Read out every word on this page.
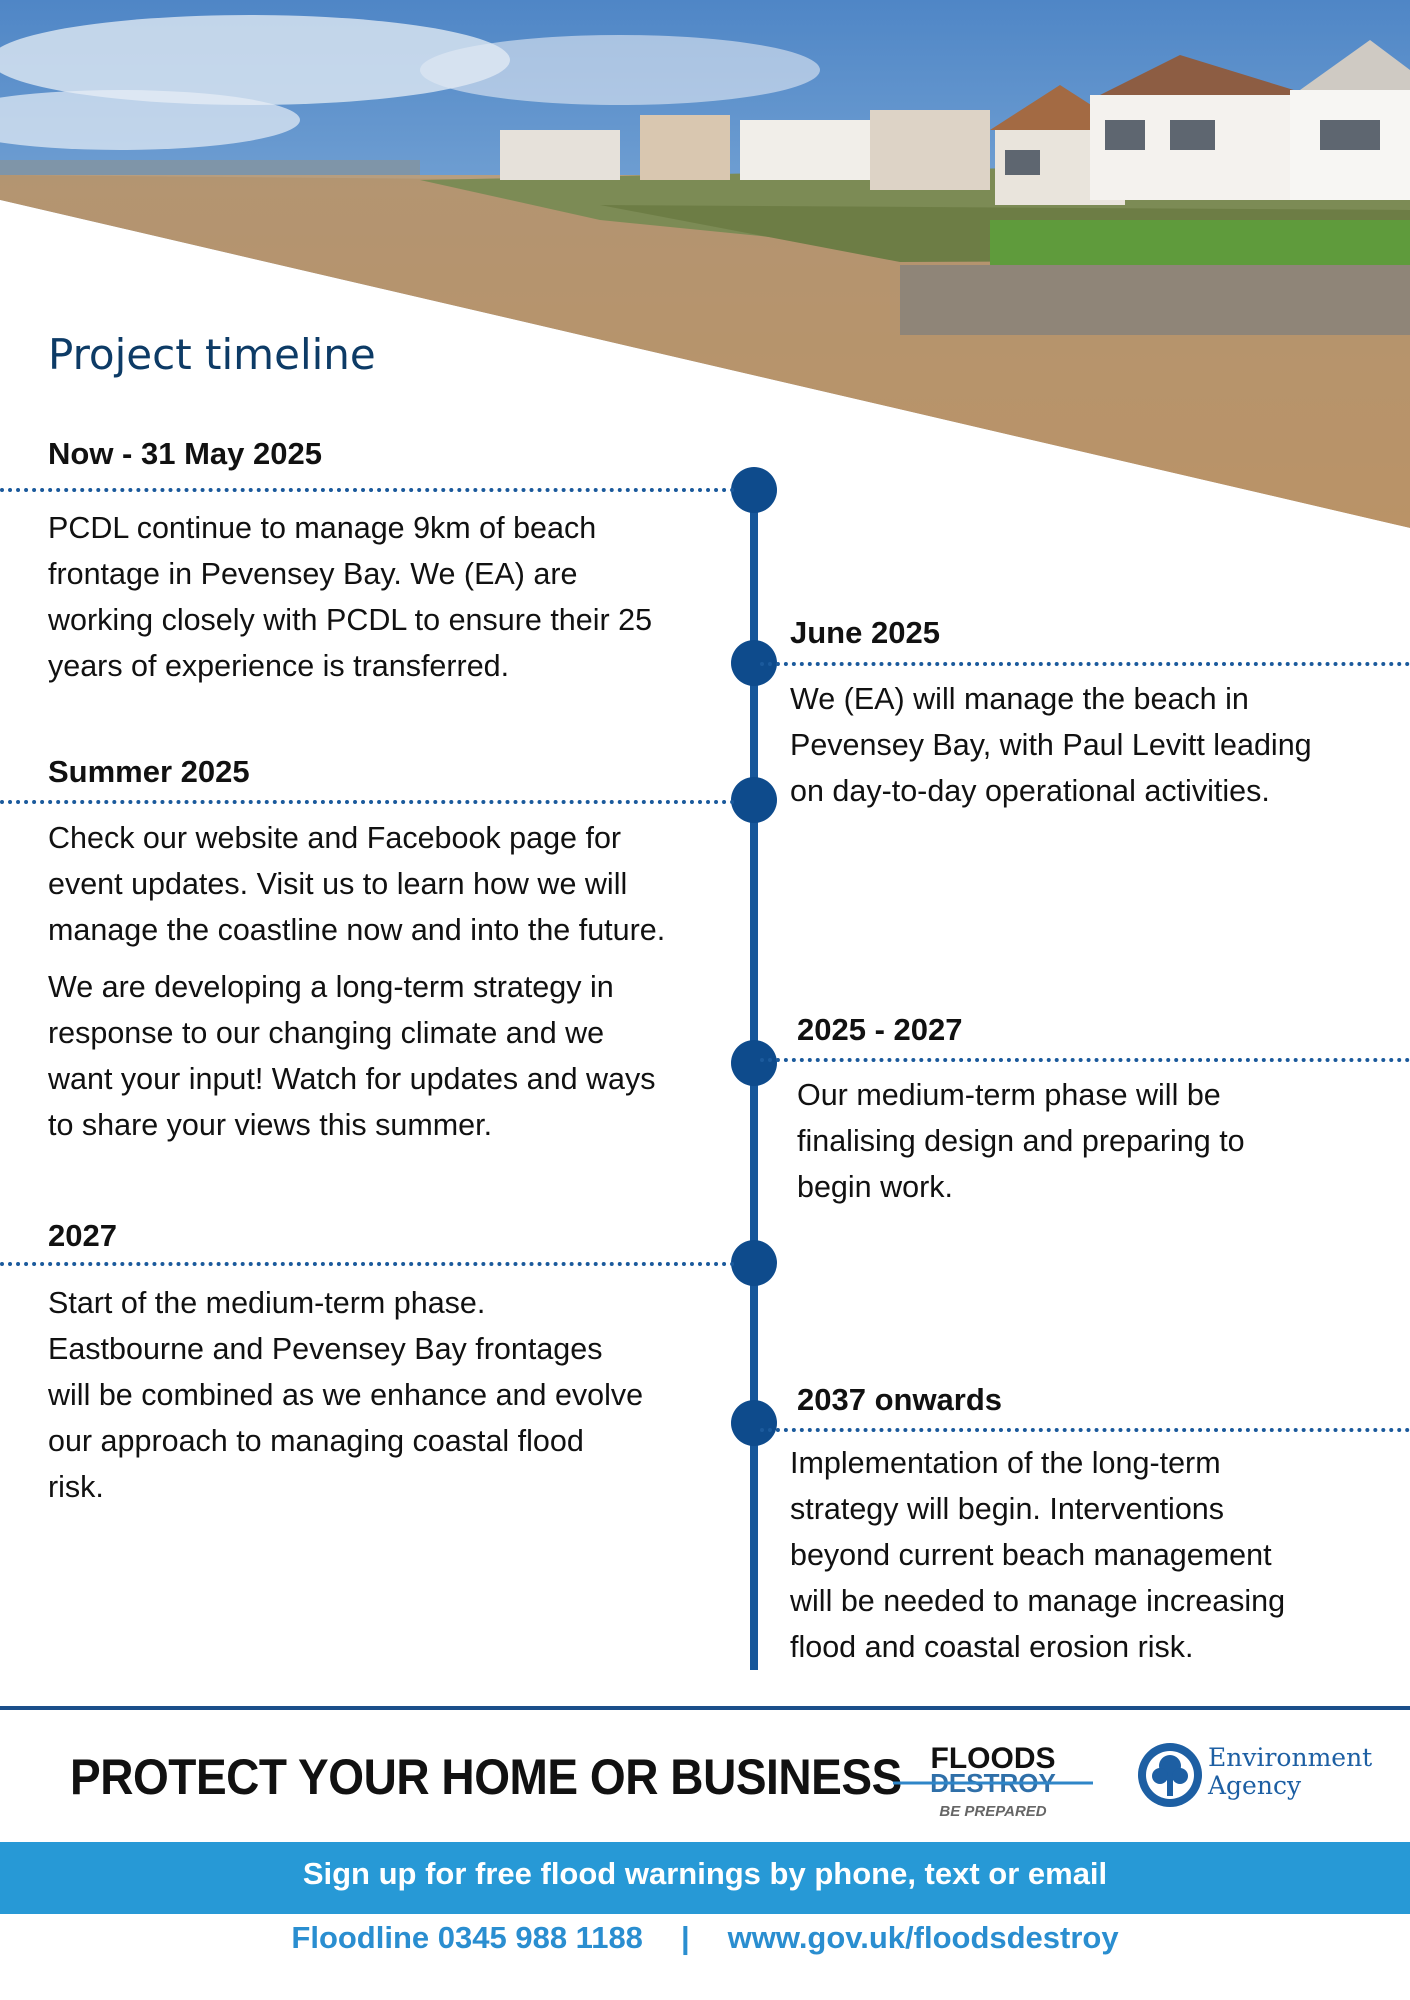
Project timeline
Now - 31 May 2025
PCDL continue to manage 9km of beach
frontage in Pevensey Bay. We (EA) are
working closely with PCDL to ensure their 25
years of experience is transferred.
Summer 2025
Check our website and Facebook page for
event updates. Visit us to learn how we will
manage the coastline now and into the future.
We are developing a long-term strategy in
response to our changing climate and we
want your input! Watch for updates and ways
to share your views this summer.
2027
Start of the medium-term phase.
Eastbourne and Pevensey Bay frontages
will be combined as we enhance and evolve
our approach to managing coastal flood
risk.
June 2025
We (EA) will manage the beach in
Pevensey Bay, with Paul Levitt leading
on day-to-day operational activities.
2025 - 2027
Our medium-term phase will be
finalising design and preparing to
begin work.
2037 onwards
Implementation of the long-term
strategy will begin. Interventions
beyond current beach management
will be needed to manage increasing
flood and coastal erosion risk.
PROTECT YOUR HOME OR BUSINESS FLOODS
DESTROY
BE PREPARED
Environment
Agency
Sign up for free flood warnings by phone, text or email
Floodline 0345 988 1188 | www.gov.uk/floodsdestroy
